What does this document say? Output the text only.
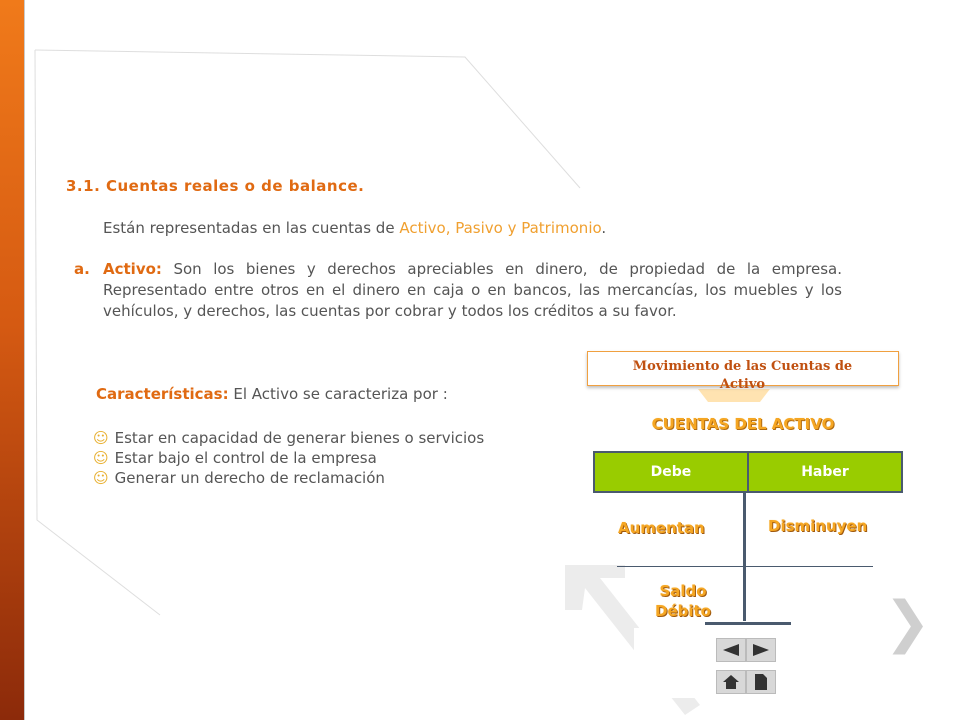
3.1. Cuentas reales o de balance.

Están representadas en las cuentas de Activo, Pasivo y Patrimonio.

a. Activo: Son los bienes y derechos apreciables en dinero, de propiedad de la empresa. Representado entre otros en el dinero en caja o en bancos, las mercancías, los muebles y los vehículos, y derechos, las cuentas por cobrar y todos los créditos a su favor.

Características: El Activo se caracteriza por :

☺ Estar en capacidad de generar bienes o servicios
☺ Estar bajo el control de la empresa
☺ Generar un derecho de reclamación
Movimiento de las Cuentas de Activo
CUENTAS DEL ACTIVO
Debe	Haber
Aumentan	Disminuyen
Saldo
Débito	❯
